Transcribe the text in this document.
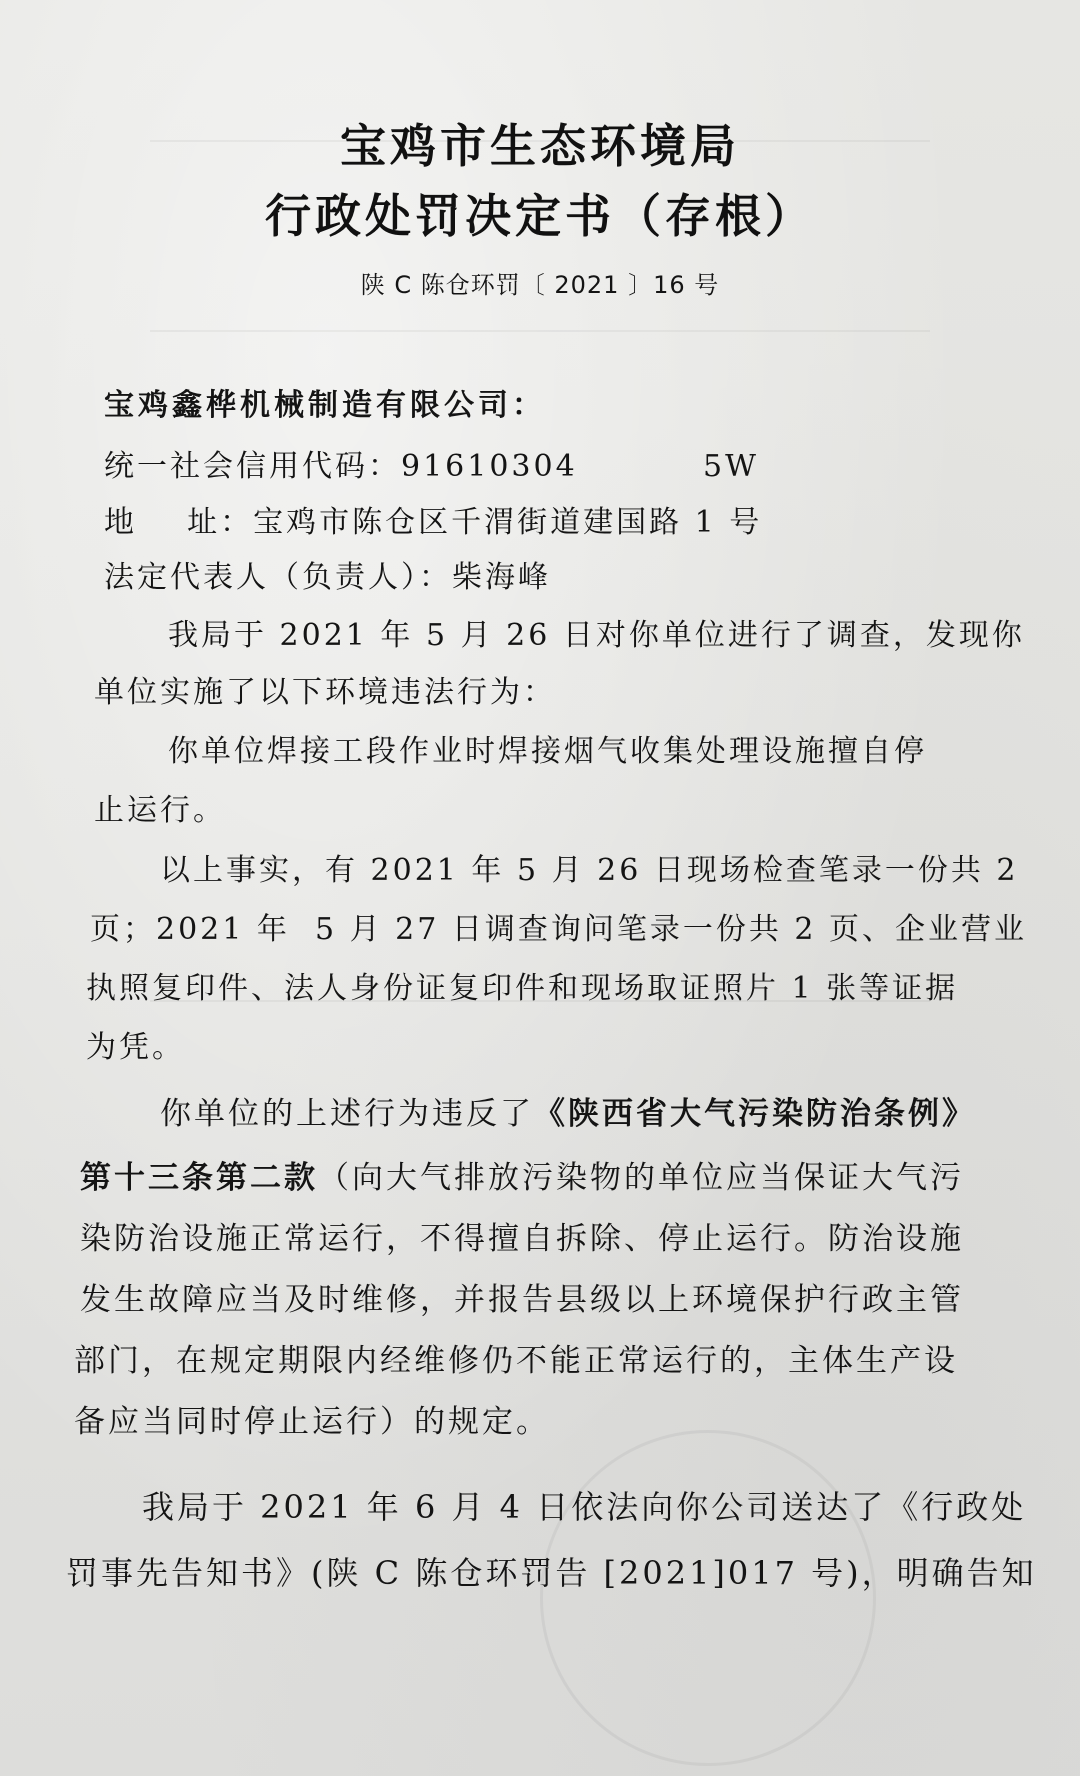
宝鸡市生态环境局
行政处罚决定书（存根）
陕 C 陈仓环罚〔 2021 〕16 号
宝鸡鑫桦机械制造有限公司：
统一社会信用代码：91610304          5W
地    址：宝鸡市陈仓区千渭街道建国路 1 号
法定代表人（负责人）：柴海峰
我局于 2021 年 5 月 26 日对你单位进行了调查，发现你
单位实施了以下环境违法行为：
你单位焊接工段作业时焊接烟气收集处理设施擅自停
止运行。
以上事实，有 2021 年 5 月 26 日现场检查笔录一份共 2
页；2021 年  5 月 27 日调查询问笔录一份共 2 页、企业营业
执照复印件、法人身份证复印件和现场取证照片 1 张等证据
为凭。
你单位的上述行为违反了《陕西省大气污染防治条例》
第十三条第二款（向大气排放污染物的单位应当保证大气污
染防治设施正常运行，不得擅自拆除、停止运行。防治设施
发生故障应当及时维修，并报告县级以上环境保护行政主管
部门，在规定期限内经维修仍不能正常运行的，主体生产设
备应当同时停止运行）的规定。
我局于 2021 年 6 月 4 日依法向你公司送达了《行政处
罚事先告知书》(陕 C 陈仓环罚告 [2021]017 号)，明确告知
